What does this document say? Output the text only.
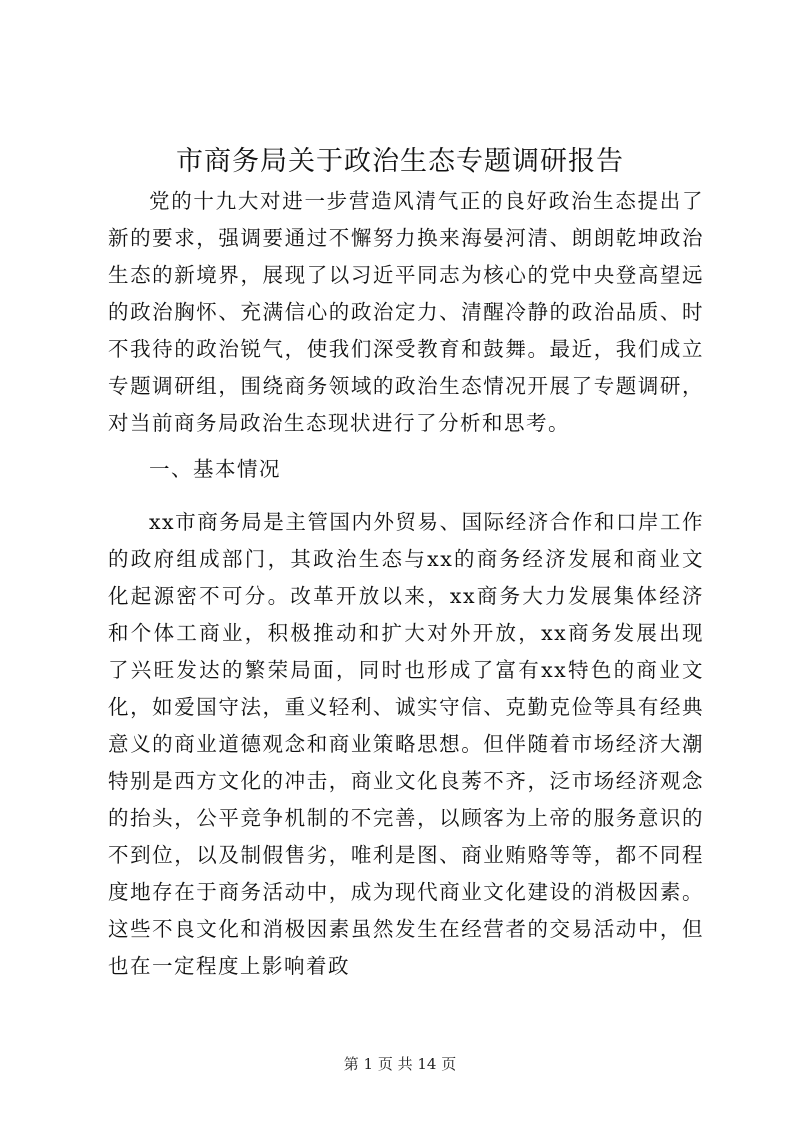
市商务局关于政治生态专题调研报告

党的十九大对进一步营造风清气正的良好政治生态提出了新的要求，强调要通过不懈努力换来海晏河清、朗朗乾坤政治生态的新境界，展现了以习近平同志为核心的党中央登高望远的政治胸怀、充满信心的政治定力、清醒冷静的政治品质、时不我待的政治锐气，使我们深受教育和鼓舞。最近，我们成立专题调研组，围绕商务领域的政治生态情况开展了专题调研，对当前商务局政治生态现状进行了分析和思考。

一、基本情况

xx市商务局是主管国内外贸易、国际经济合作和口岸工作的政府组成部门，其政治生态与xx的商务经济发展和商业文化起源密不可分。改革开放以来，xx商务大力发展集体经济和个体工商业，积极推动和扩大对外开放，xx商务发展出现了兴旺发达的繁荣局面，同时也形成了富有xx特色的商业文化，如爱国守法，重义轻利、诚实守信、克勤克俭等具有经典意义的商业道德观念和商业策略思想。但伴随着市场经济大潮特别是西方文化的冲击，商业文化良莠不齐，泛市场经济观念的抬头，公平竞争机制的不完善，以顾客为上帝的服务意识的不到位，以及制假售劣，唯利是图、商业贿赂等等，都不同程度地存在于商务活动中，成为现代商业文化建设的消极因素。这些不良文化和消极因素虽然发生在经营者的交易活动中，但也在一定程度上影响着政

第 1 页 共 14 页
